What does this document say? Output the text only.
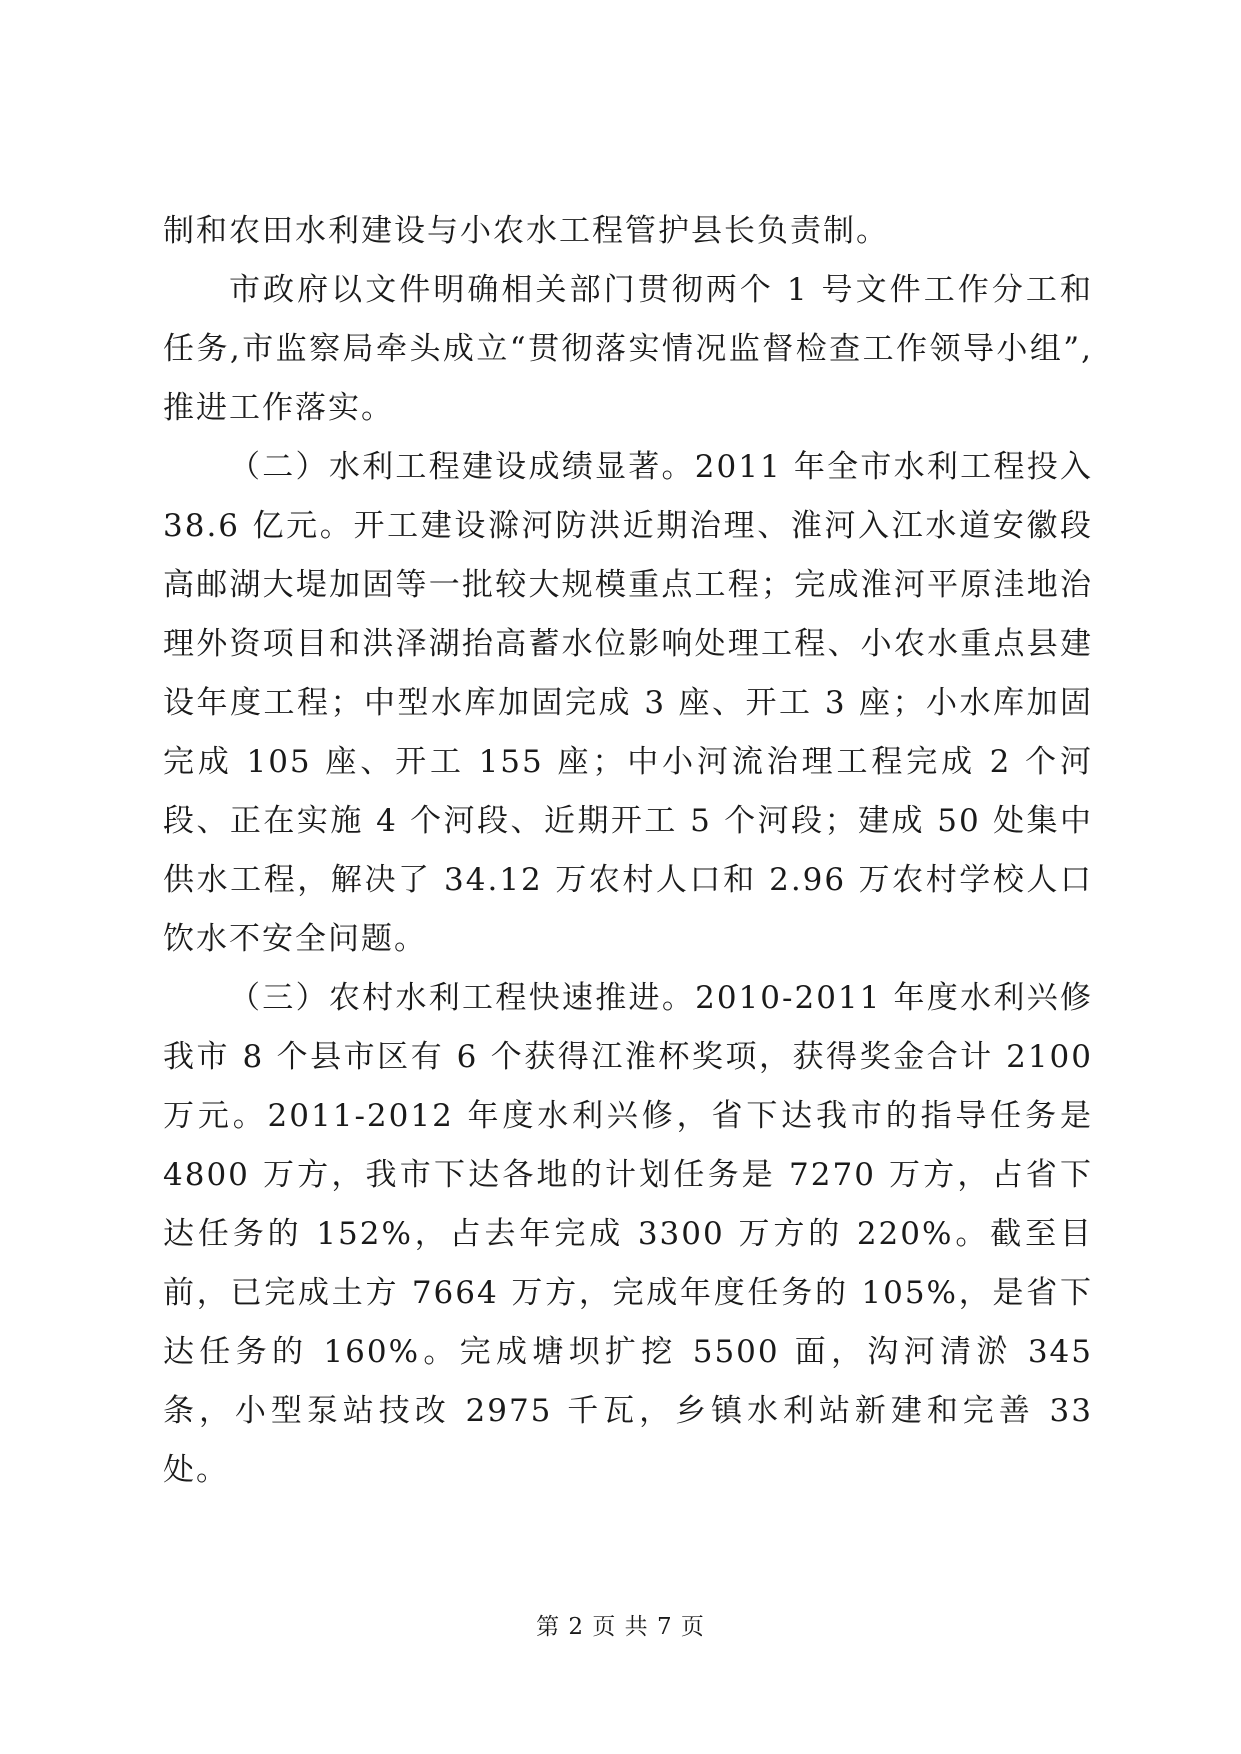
制和农田水利建设与小农水工程管护县长负责制。

市政府以文件明确相关部门贯彻两个 1 号文件工作分工和任务,市监察局牵头成立“贯彻落实情况监督检查工作领导小组”,推进工作落实。

（二）水利工程建设成绩显著。2011 年全市水利工程投入 38.6 亿元。开工建设滁河防洪近期治理、淮河入江水道安徽段高邮湖大堤加固等一批较大规模重点工程；完成淮河平原洼地治理外资项目和洪泽湖抬高蓄水位影响处理工程、小农水重点县建设年度工程；中型水库加固完成 3 座、开工 3 座；小水库加固完成 105 座、开工 155 座；中小河流治理工程完成 2 个河段、正在实施 4 个河段、近期开工 5 个河段；建成 50 处集中供水工程，解决了 34.12 万农村人口和 2.96 万农村学校人口饮水不安全问题。

（三）农村水利工程快速推进。2010-2011 年度水利兴修我市 8 个县市区有 6 个获得江淮杯奖项，获得奖金合计 2100 万元。2011-2012 年度水利兴修，省下达我市的指导任务是 4800 万方，我市下达各地的计划任务是 7270 万方，占省下达任务的 152%，占去年完成 3300 万方的 220%。截至目前，已完成土方 7664 万方，完成年度任务的 105%，是省下达任务的 160%。完成塘坝扩挖 5500 面，沟河清淤 345 条，小型泵站技改 2975 千瓦，乡镇水利站新建和完善 33 处。

第 2 页 共 7 页
